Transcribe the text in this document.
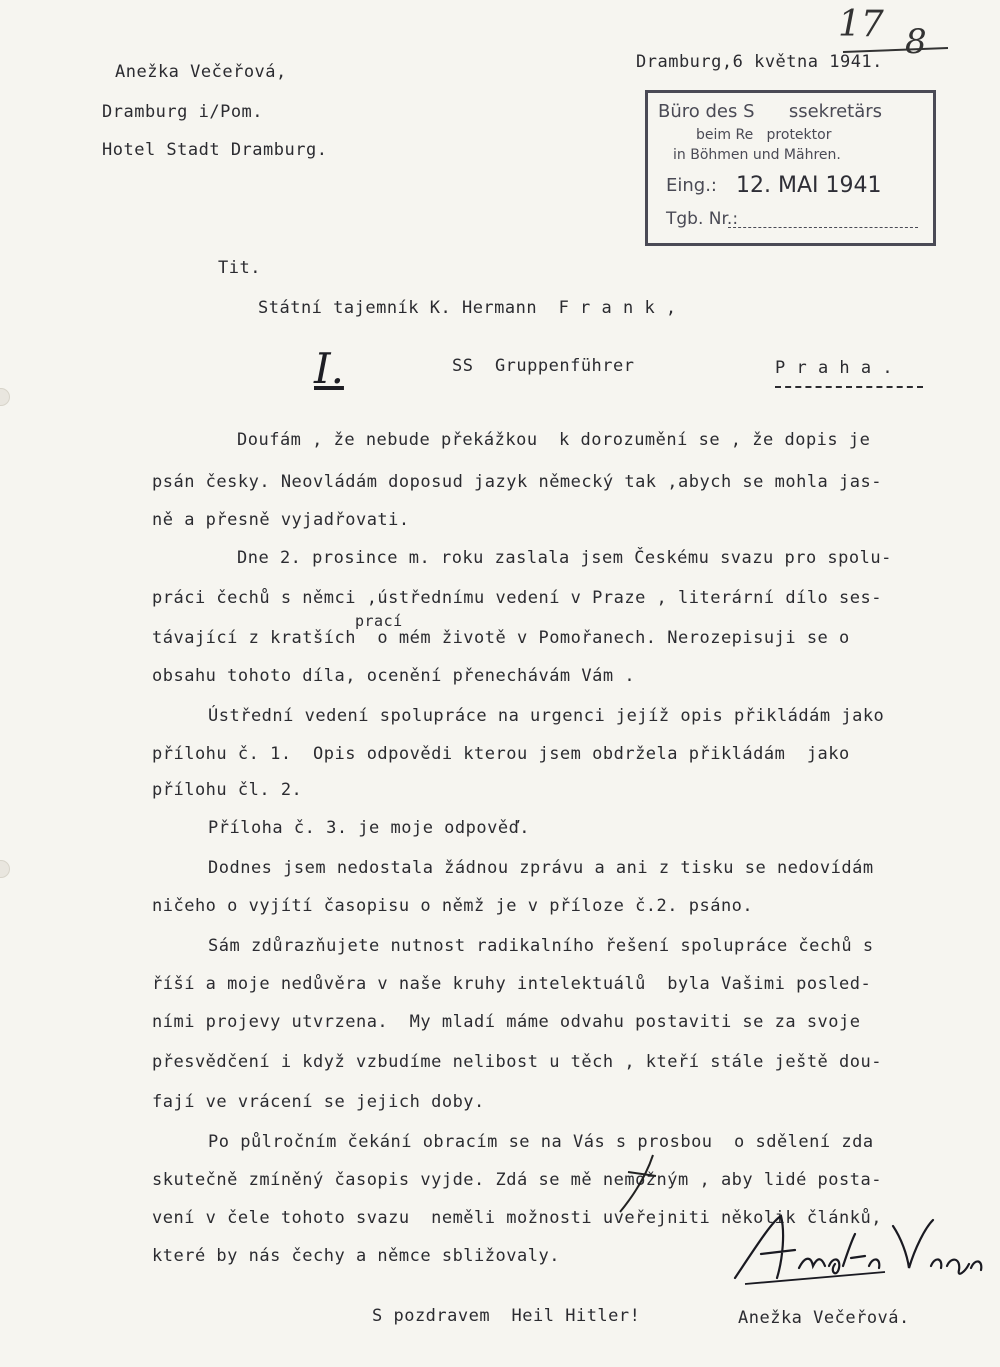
17 8
Anežka Večeřová,
Dramburg i/Pom.
Hotel Stadt Dramburg.
Dramburg,6 května 1941.
Büro des S      ssekretärs
beim Re   protektor
in Böhmen und Mähren.
Eing.: 12. MAI 1941
Tgb. Nr.:
Tit.
Státní tajemník K. Hermann  F r a n k ,
I.	SS  Gruppenführer	P r a h a .
Doufám , že nebude překážkou  k dorozumění se , že dopis je
psán česky. Neovládám doposud jazyk německý tak ,abych se mohla jas-
ně a přesně vyjadřovati.
Dne 2. prosince m. roku zaslala jsem Českému svazu pro spolu-
práci čechů s němci ,ústřednímu vedení v Praze , literární dílo ses-
prací
távající z kratších  o mém životě v Pomořanech. Nerozepisuji se o
obsahu tohoto díla, ocenění přenechávám Vám .
Ústřední vedení spolupráce na urgenci jejíž opis přikládám jako
přílohu č. 1.  Opis odpovědi kterou jsem obdržela přikládám  jako
přílohu čl. 2.
Příloha č. 3. je moje odpověď.
Dodnes jsem nedostala žádnou zprávu a ani z tisku se nedovídám
ničeho o vyjítí časopisu o němž je v příloze č.2. psáno.
Sám zdůrazňujete nutnost radikalního řešení spolupráce čechů s
říší a moje nedůvěra v naše kruhy intelektuálů  byla Vašimi posled-
ními projevy utvrzena.  My mladí máme odvahu postaviti se za svoje
přesvědčení i když vzbudíme nelibost u těch , kteří stále ještě dou-
fají ve vrácení se jejich doby.
Po půlročním čekání obracím se na Vás s prosbou  o sdělení zda
skutečně zmíněný časopis vyjde. Zdá se mě nemožným , aby lidé posta-
vení v čele tohoto svazu  neměli možnosti uveřejniti několik článků,
které by nás čechy a němce sbližovaly.
S pozdravem  Heil Hitler!	Anežka Večeřová.
